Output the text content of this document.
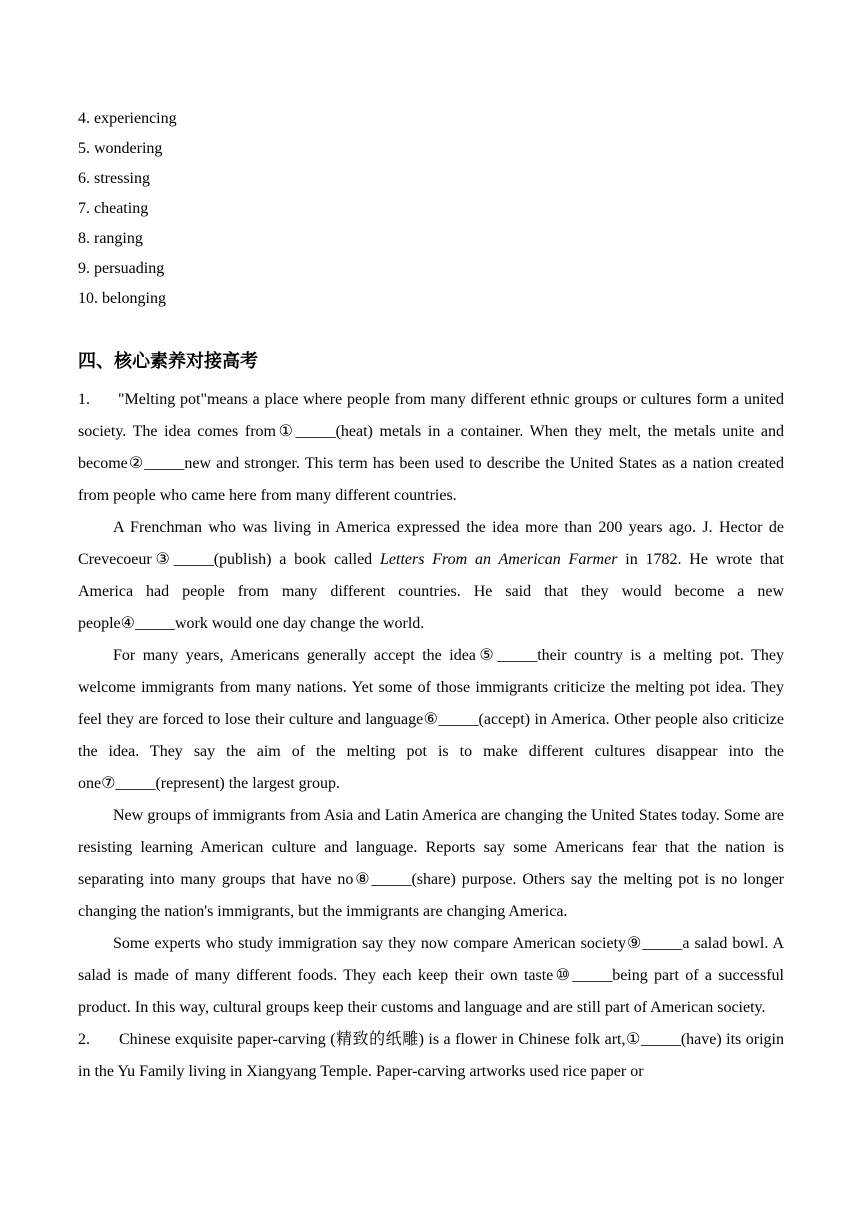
4. experiencing

5. wondering

6. stressing

7. cheating

8. ranging

9. persuading

10. belonging

四、核心素养对接高考

1. "Melting pot"means a place where people from many different ethnic groups or cultures form a united society. The idea comes from①_____(heat) metals in a container. When they melt, the metals unite and become②_____new and stronger. This term has been used to describe the United States as a nation created from people who came here from many different countries.

A Frenchman who was living in America expressed the idea more than 200 years ago. J. Hector de Crevecoeur③_____(publish) a book called Letters From an American Farmer in 1782. He wrote that America had people from many different countries. He said that they would become a new people④_____work would one day change the world.

For many years, Americans generally accept the idea⑤_____their country is a melting pot. They welcome immigrants from many nations. Yet some of those immigrants criticize the melting pot idea. They feel they are forced to lose their culture and language⑥_____(accept) in America. Other people also criticize the idea. They say the aim of the melting pot is to make different cultures disappear into the one⑦_____(represent) the largest group.

New groups of immigrants from Asia and Latin America are changing the United States today. Some are resisting learning American culture and language. Reports say some Americans fear that the nation is separating into many groups that have no⑧_____(share) purpose. Others say the melting pot is no longer changing the nation's immigrants, but the immigrants are changing America.

Some experts who study immigration say they now compare American society⑨_____a salad bowl. A salad is made of many different foods. They each keep their own taste⑩_____being part of a successful product. In this way, cultural groups keep their customs and language and are still part of American society.

2. Chinese exquisite paper-carving (精致的纸雕) is a flower in Chinese folk art,①_____(have) its origin in the Yu Family living in Xiangyang Temple. Paper-carving artworks used rice paper or
